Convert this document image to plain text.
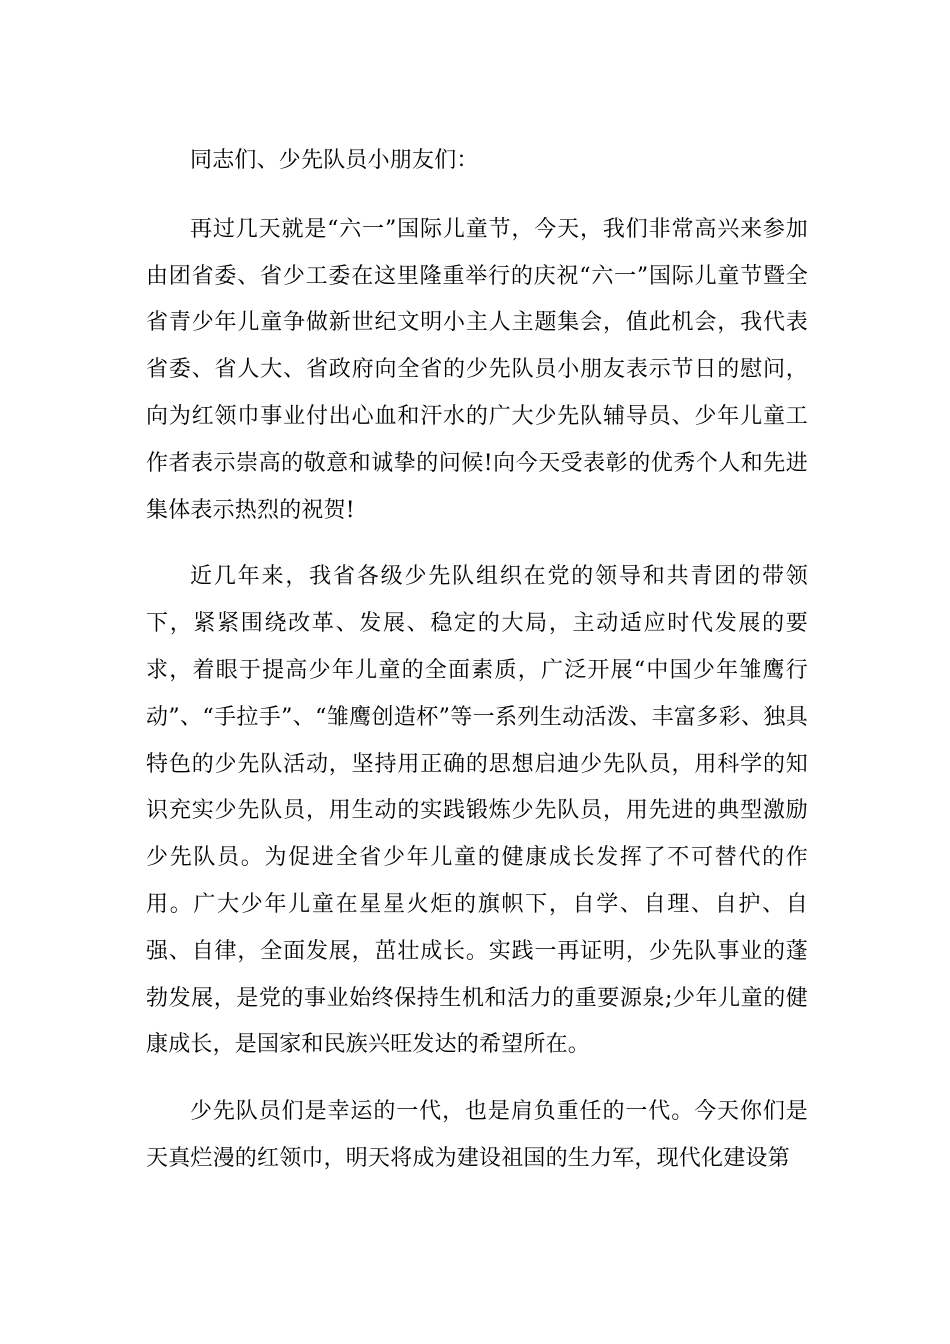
同志们、少先队员小朋友们：

再过几天就是“六一”国际儿童节，今天，我们非常高兴来参加由团省委、省少工委在这里隆重举行的庆祝“六一”国际儿童节暨全省青少年儿童争做新世纪文明小主人主题集会，值此机会，我代表省委、省人大、省政府向全省的少先队员小朋友表示节日的慰问，向为红领巾事业付出心血和汗水的广大少先队辅导员、少年儿童工作者表示崇高的敬意和诚挚的问候!向今天受表彰的优秀个人和先进集体表示热烈的祝贺!

近几年来，我省各级少先队组织在党的领导和共青团的带领下，紧紧围绕改革、发展、稳定的大局，主动适应时代发展的要求，着眼于提高少年儿童的全面素质，广泛开展“中国少年雏鹰行动”、“手拉手”、“雏鹰创造杯”等一系列生动活泼、丰富多彩、独具特色的少先队活动，坚持用正确的思想启迪少先队员，用科学的知识充实少先队员，用生动的实践锻炼少先队员，用先进的典型激励少先队员。为促进全省少年儿童的健康成长发挥了不可替代的作用。广大少年儿童在星星火炬的旗帜下，自学、自理、自护、自强、自律，全面发展，茁壮成长。实践一再证明，少先队事业的蓬勃发展，是党的事业始终保持生机和活力的重要源泉;少年儿童的健康成长，是国家和民族兴旺发达的希望所在。

少先队员们是幸运的一代，也是肩负重任的一代。今天你们是天真烂漫的红领巾，明天将成为建设祖国的生力军，现代化建设第
